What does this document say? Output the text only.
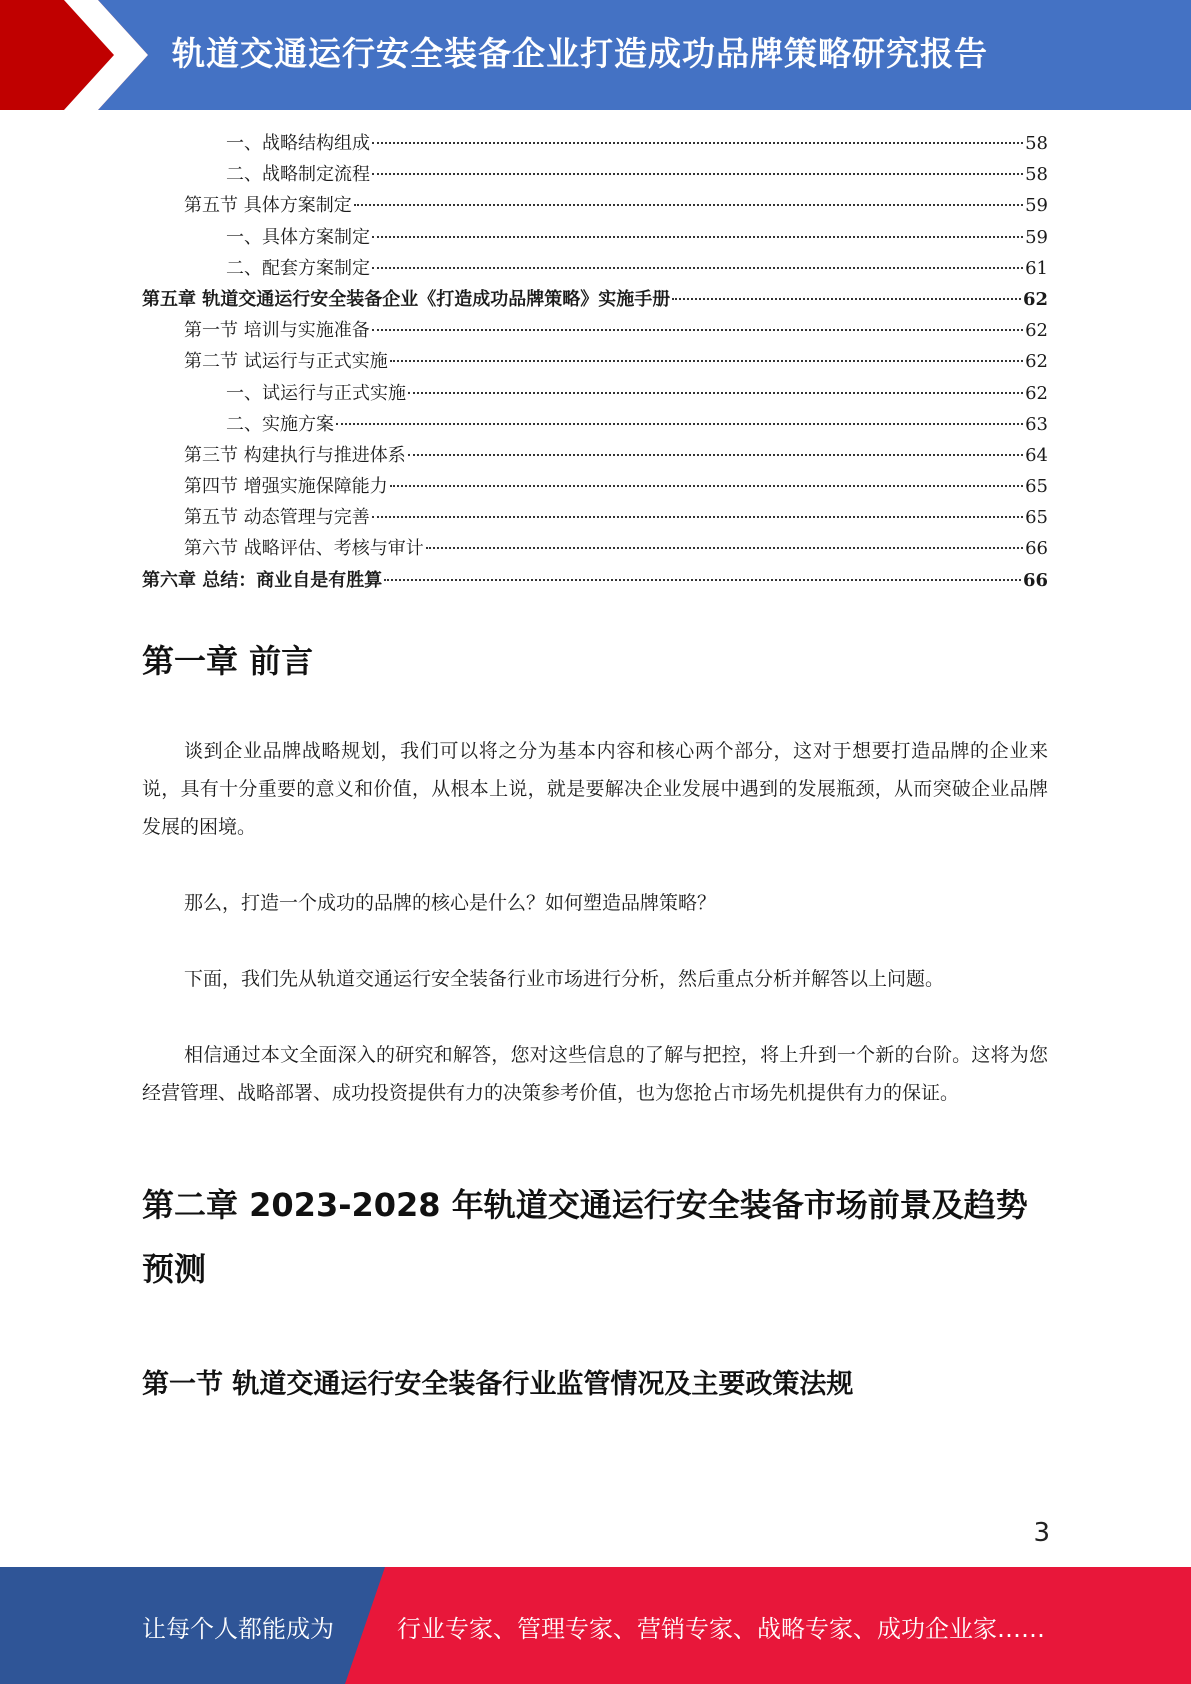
轨道交通运行安全装备企业打造成功品牌策略研究报告
一、战略结构组成	58
二、战略制定流程	58
第五节 具体方案制定	59
一、具体方案制定	59
二、配套方案制定	61
第五章 轨道交通运行安全装备企业《打造成功品牌策略》实施手册	62
第一节 培训与实施准备	62
第二节 试运行与正式实施	62
一、试运行与正式实施	62
二、实施方案	63
第三节 构建执行与推进体系	64
第四节 增强实施保障能力	65
第五节 动态管理与完善	65
第六节 战略评估、考核与审计	66
第六章 总结：商业自是有胜算	66
第一章 前言

谈到企业品牌战略规划，我们可以将之分为基本内容和核心两个部分，这对于想要打造品牌的企业来说，具有十分重要的意义和价值，从根本上说，就是要解决企业发展中遇到的发展瓶颈，从而突破企业品牌发展的困境。

那么，打造一个成功的品牌的核心是什么？如何塑造品牌策略？

下面，我们先从轨道交通运行安全装备行业市场进行分析，然后重点分析并解答以上问题。

相信通过本文全面深入的研究和解答，您对这些信息的了解与把控，将上升到一个新的台阶。这将为您经营管理、战略部署、成功投资提供有力的决策参考价值，也为您抢占市场先机提供有力的保证。

第二章 2023-2028 年轨道交通运行安全装备市场前景及趋势预测
第一节 轨道交通运行安全装备行业监管情况及主要政策法规
3
让每个人都能成为	行业专家、管理专家、营销专家、战略专家、成功企业家……
